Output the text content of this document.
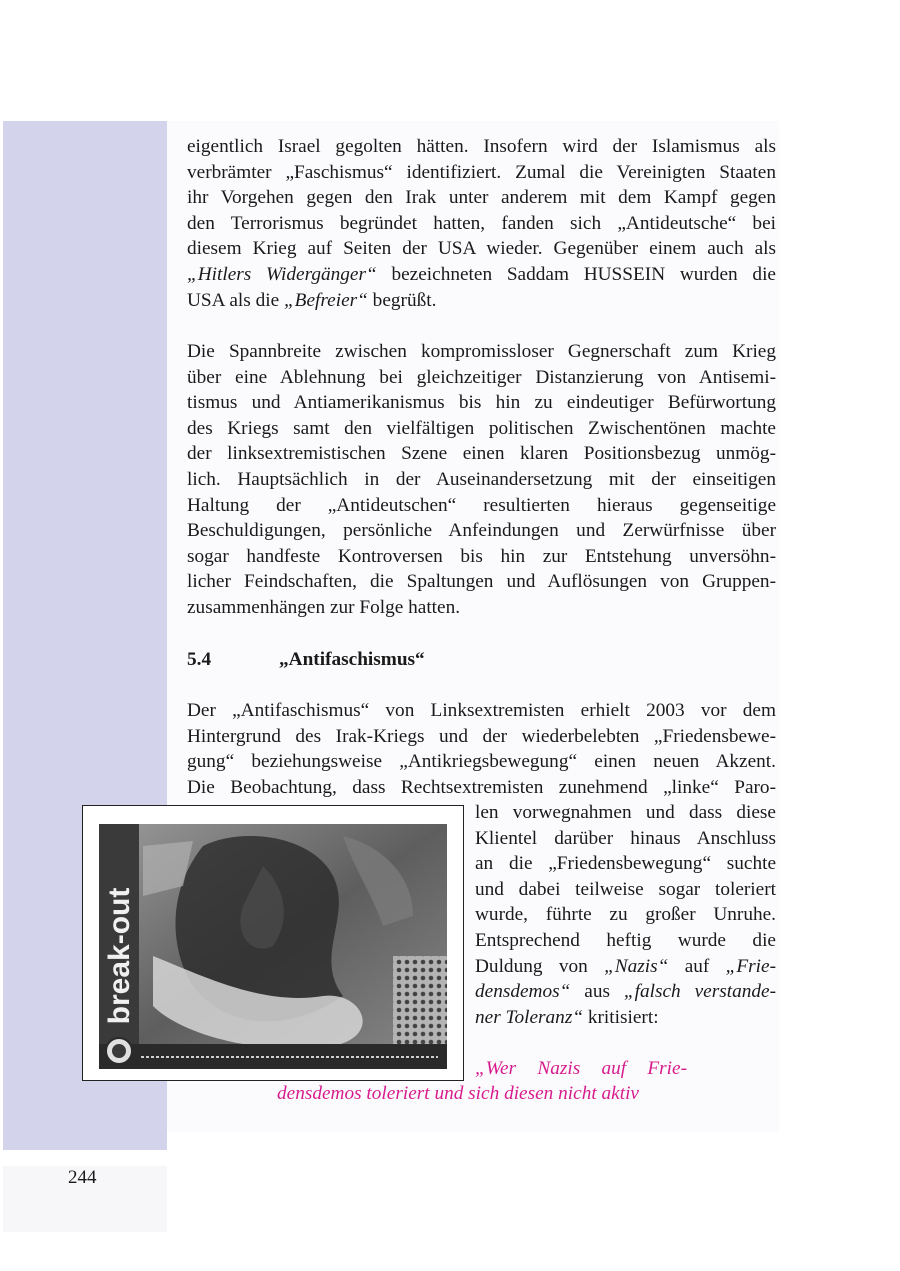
244
eigentlich Israel gegolten hätten. Insofern wird der Islamismus als
verbrämter „Faschismus“ identifiziert. Zumal die Vereinigten Staaten
ihr Vorgehen gegen den Irak unter anderem mit dem Kampf gegen
den Terrorismus begründet hatten, fanden sich „Antideutsche“ bei
diesem Krieg auf Seiten der USA wieder. Gegenüber einem auch als
„Hitlers Widergänger“ bezeichneten Saddam HUSSEIN wurden die
USA als die „Befreier“ begrüßt.
Die Spannbreite zwischen kompromissloser Gegnerschaft zum Krieg
über eine Ablehnung bei gleichzeitiger Distanzierung von Antisemi-
tismus und Antiamerikanismus bis hin zu eindeutiger Befürwortung
des Kriegs samt den vielfältigen politischen Zwischentönen machte
der linksextremistischen Szene einen klaren Positionsbezug unmög-
lich. Hauptsächlich in der Auseinandersetzung mit der einseitigen
Haltung der „Antideutschen“ resultierten hieraus gegenseitige
Beschuldigungen, persönliche Anfeindungen und Zerwürfnisse über
sogar handfeste Kontroversen bis hin zur Entstehung unversöhn-
licher Feindschaften, die Spaltungen und Auflösungen von Gruppen-
zusammenhängen zur Folge hatten.
5.4	„Antifaschismus“
Der „Antifaschismus“ von Linksextremisten erhielt 2003 vor dem
Hintergrund des Irak-Kriegs und der wiederbelebten „Friedensbewe-
gung“ beziehungsweise „Antikriegsbewegung“ einen neuen Akzent.
Die Beobachtung, dass Rechtsextremisten zunehmend „linke“ Paro-
break-out
len vorwegnahmen und dass diese
Klientel darüber hinaus Anschluss
an die „Friedensbewegung“ suchte
und dabei teilweise sogar toleriert
wurde, führte zu großer Unruhe.
Entsprechend heftig wurde die
Duldung von „Nazis“ auf „Frie-
densdemos“ aus „falsch verstande-
ner Toleranz“ kritisiert:
„Wer Nazis auf Frie-
densdemos toleriert und sich diesen nicht aktiv
